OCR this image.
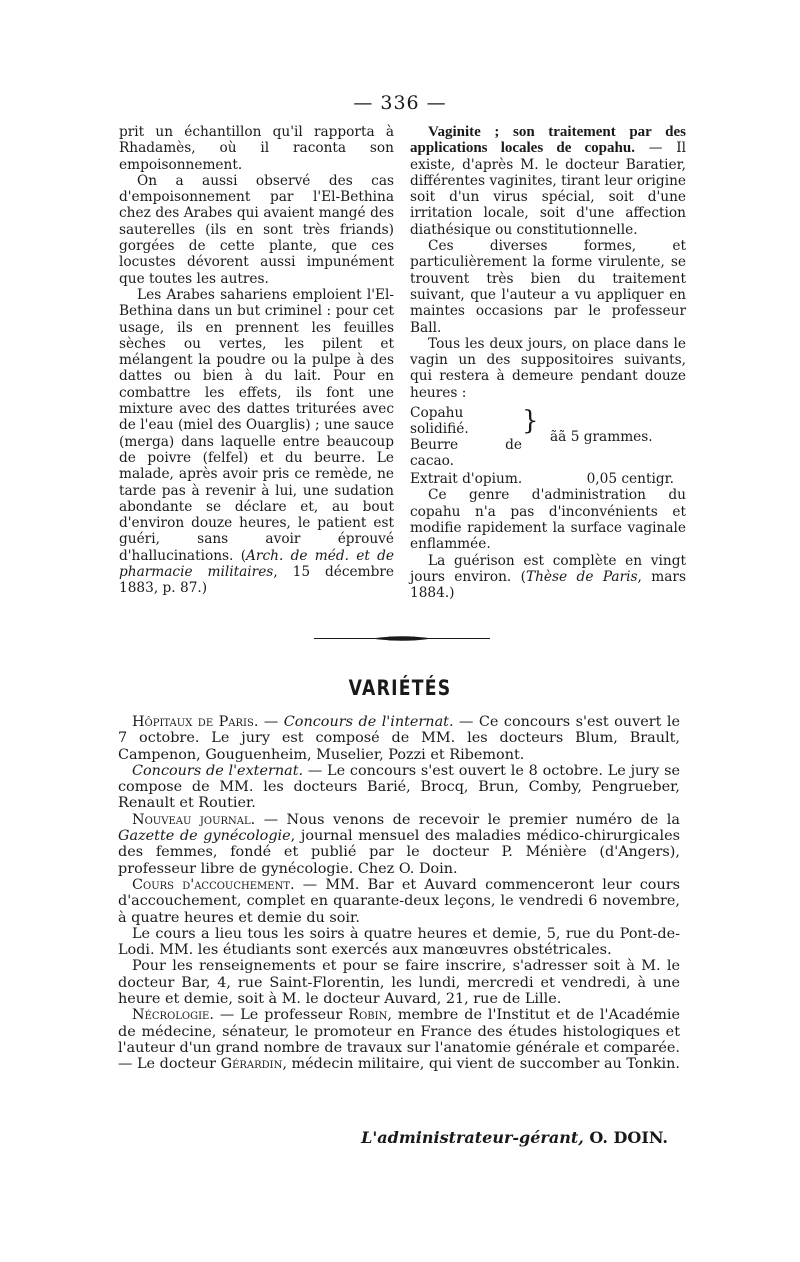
— 336 —

prit un échantillon qu'il rapporta à Rhadamès, où il raconta son empoisonnement.

On a aussi observé des cas d'empoisonnement par l'El-Bethina chez des Arabes qui avaient mangé des sauterelles (ils en sont très friands) gorgées de cette plante, que ces locustes dévorent aussi impunément que toutes les autres.

Les Arabes sahariens emploient l'El-Bethina dans un but criminel : pour cet usage, ils en prennent les feuilles sèches ou vertes, les pilent et mélangent la poudre ou la pulpe à des dattes ou bien à du lait. Pour en combattre les effets, ils font une mixture avec des dattes triturées avec de l'eau (miel des Ouarglis) ; une sauce (merga) dans laquelle entre beaucoup de poivre (felfel) et du beurre. Le malade, après avoir pris ce remède, ne tarde pas à revenir à lui, une sudation abondante se déclare et, au bout d'environ douze heures, le patient est guéri, sans avoir éprouvé d'hallucinations. (Arch. de méd. et de pharmacie militaires, 15 décembre 1883, p. 87.)

Vaginite ; son traitement par des applications locales de copahu. — Il existe, d'après M. le docteur Baratier, différentes vaginites, tirant leur origine soit d'un virus spécial, soit d'une irritation locale, soit d'une affection diathésique ou constitutionnelle.

Ces diverses formes, et particulièrement la forme virulente, se trouvent très bien du traitement suivant, que l'auteur a vu appliquer en maintes occasions par le professeur Ball.

Tous les deux jours, on place dans le vagin un des suppositoires suivants, qui restera à demeure pendant douze heures :

Copahu solidifié.
Beurre de cacao.
}
ãã 5 grammes.
Extrait d'opium.	0,05 centigr.

Ce genre d'administration du copahu n'a pas d'inconvénients et modifie rapidement la surface vaginale enflammée.

La guérison est complète en vingt jours environ. (Thèse de Paris, mars 1884.)

VARIÉTÉS

Hôpitaux de Paris. — Concours de l'internat. — Ce concours s'est ouvert le 7 octobre. Le jury est composé de MM. les docteurs Blum, Brault, Campenon, Gouguenheim, Muselier, Pozzi et Ribemont.

Concours de l'externat. — Le concours s'est ouvert le 8 octobre. Le jury se compose de MM. les docteurs Barié, Brocq, Brun, Comby, Pengrueber, Renault et Routier.

Nouveau journal. — Nous venons de recevoir le premier numéro de la Gazette de gynécologie, journal mensuel des maladies médico-chirurgicales des femmes, fondé et publié par le docteur P. Ménière (d'Angers), professeur libre de gynécologie. Chez O. Doin.

Cours d'accouchement. — MM. Bar et Auvard commenceront leur cours d'accouchement, complet en quarante-deux leçons, le vendredi 6 novembre, à quatre heures et demie du soir.

Le cours a lieu tous les soirs à quatre heures et demie, 5, rue du Pont-de-Lodi. MM. les étudiants sont exercés aux manœuvres obstétricales.

Pour les renseignements et pour se faire inscrire, s'adresser soit à M. le docteur Bar, 4, rue Saint-Florentin, les lundi, mercredi et vendredi, à une heure et demie, soit à M. le docteur Auvard, 21, rue de Lille.

Nécrologie. — Le professeur Robin, membre de l'Institut et de l'Académie de médecine, sénateur, le promoteur en France des études histologiques et l'auteur d'un grand nombre de travaux sur l'anatomie générale et comparée. — Le docteur Gérardin, médecin militaire, qui vient de succomber au Tonkin.

L'administrateur-gérant, O. DOIN.
